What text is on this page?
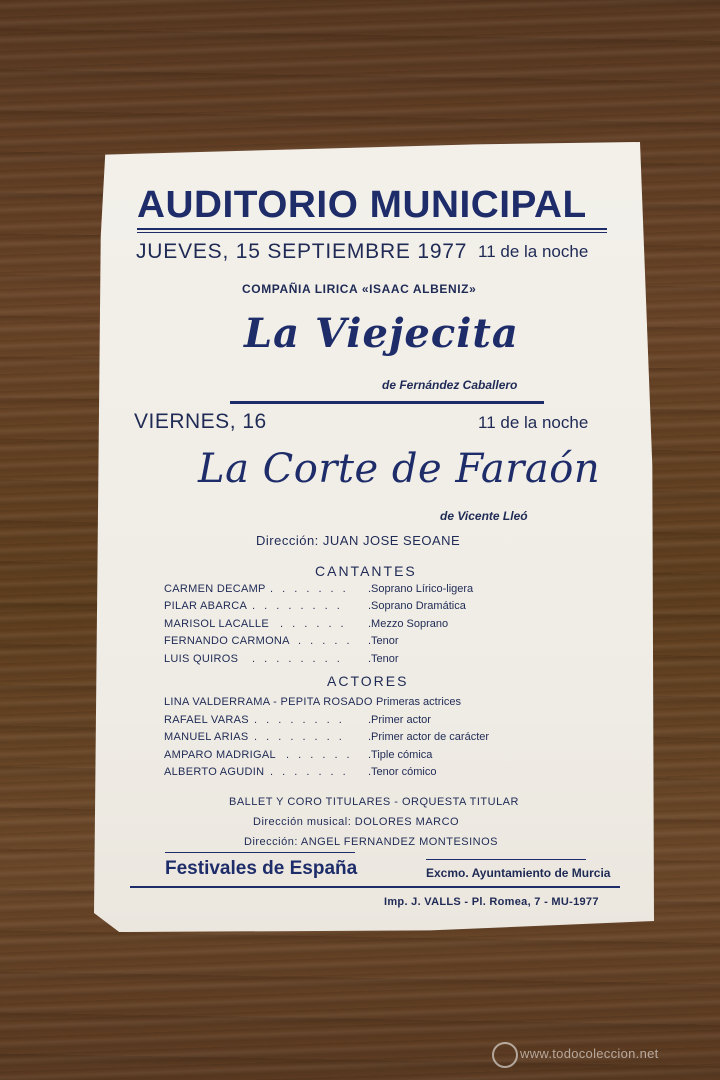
AUDITORIO MUNICIPAL
JUEVES, 15 SEPTIEMBRE 1977 11 de la noche
COMPAÑIA LIRICA «ISAAC ALBENIZ»
La Viejecita
de Fernández Caballero
VIERNES, 16	11 de la noche
La Corte de Faraón
de Vicente Lleó
Dirección: JUAN JOSE SEOANE
CANTANTES
CARMEN DECAMP . . . . . . . .Soprano Lírico-ligera
PILAR ABARCA . . . . . . . . .Soprano Dramática
MARISOL LACALLE . . . . . . .Mezzo Soprano
FERNANDO CARMONA . . . . . .Tenor
LUIS QUIROS . . . . . . . . .Tenor
ACTORES
LINA VALDERRAMA - PEPITA ROSADO Primeras actrices
RAFAEL VARAS . . . . . . . . .Primer actor
MANUEL ARIAS . . . . . . . . .Primer actor de carácter
AMPARO MADRIGAL . . . . . . .Tiple cómica
ALBERTO AGUDIN . . . . . . . .Tenor cómico
BALLET Y CORO TITULARES - ORQUESTA TITULAR
Dirección musical: DOLORES MARCO
Dirección: ANGEL FERNANDEZ MONTESINOS
Festivales de España	Excmo. Ayuntamiento de Murcia
Imp. J. VALLS - Pl. Romea, 7 - MU-1977
www.todocoleccion.net
